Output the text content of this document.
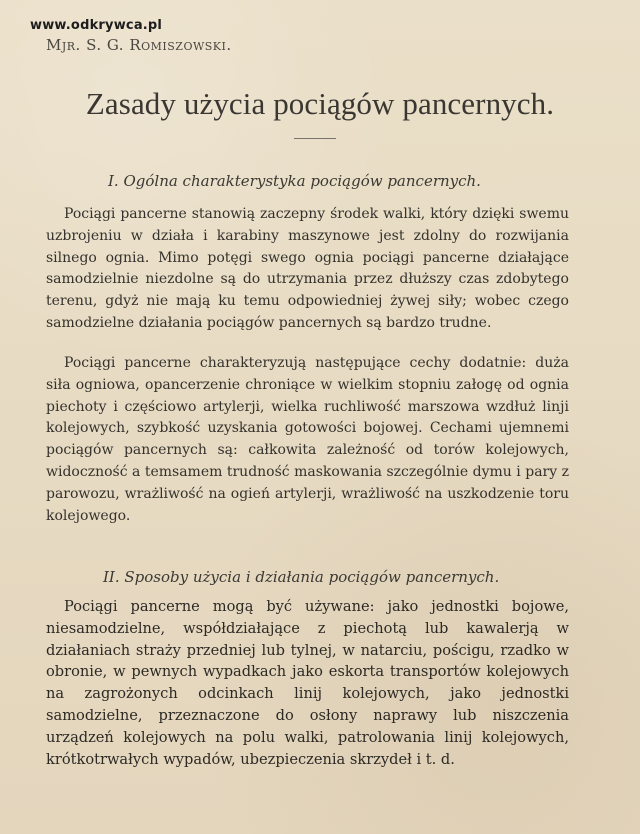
www.odkrywca.pl
Mjr. S. G. Romiszowski.
Zasady użycia pociągów pancernych.
I. Ogólna charakterystyka pociągów pancernych.

Pociągi pancerne stanowią zaczepny środek walki, który dzięki swemu uzbrojeniu w działa i karabiny maszynowe jest zdolny do rozwijania silnego ognia. Mimo potęgi swego ognia pociągi pancerne działające samodzielnie niezdolne są do utrzymania przez dłuższy czas zdobytego terenu, gdyż nie mają ku temu odpowiedniej żywej siły; wobec czego samodzielne działania pociągów pancernych są bardzo trudne.

Pociągi pancerne charakteryzują następujące cechy dodatnie: duża siła ogniowa, opancerzenie chroniące w wielkim stopniu załogę od ognia piechoty i częściowo artylerji, wielka ruchliwość marszowa wzdłuż linji kolejowych, szybkość uzyskania gotowości bojowej. Cechami ujemnemi pociągów pancernych są: całkowita zależność od torów kolejowych, widoczność a temsamem trudność maskowania szczególnie dymu i pary z parowozu, wrażliwość na ogień artylerji, wrażliwość na uszkodzenie toru kolejowego.

II. Sposoby użycia i działania pociągów pancernych.

Pociągi pancerne mogą być używane: jako jednostki bojowe, niesamodzielne, współdziałające z piechotą lub kawalerją w działaniach straży przedniej lub tylnej, w natarciu, pościgu, rzadko w obronie, w pewnych wypadkach jako eskorta transportów kolejowych na zagrożonych odcinkach linij kolejowych, jako jednostki samodzielne, przeznaczone do osłony naprawy lub niszczenia urządzeń kolejowych na polu walki, patrolowania linij kolejowych, krótkotrwałych wypadów, ubezpieczenia skrzydeł i t. d.
